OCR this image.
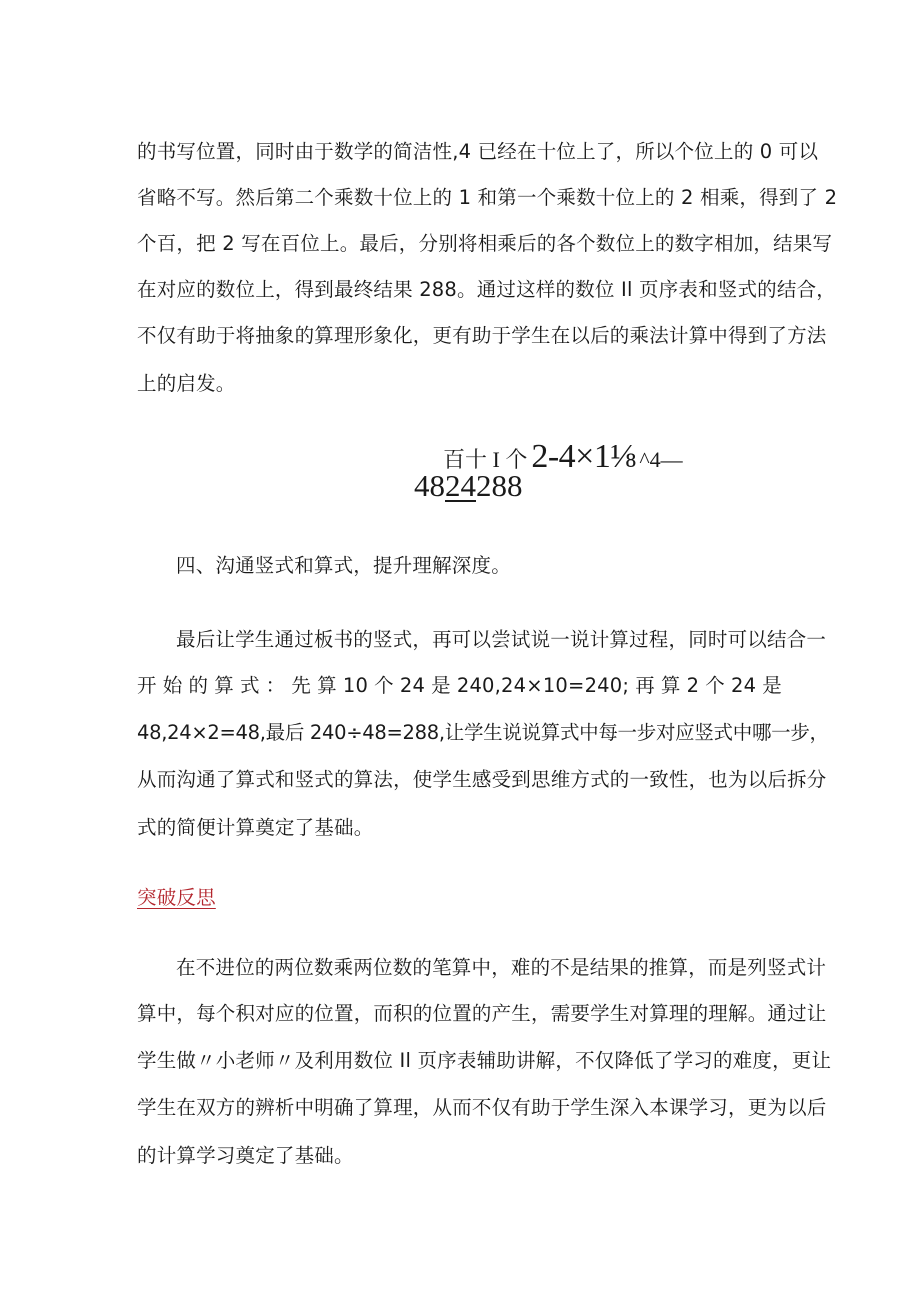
的书写位置，同时由于数学的简洁性,4 已经在十位上了，所以个位上的 0 可以
省略不写。然后第二个乘数十位上的 1 和第一个乘数十位上的 2 相乘，得到了 2
个百，把 2 写在百位上。最后，分别将相乘后的各个数位上的数字相加，结果写
在对应的数位上，得到最终结果 288。通过这样的数位 Il 页序表和竖式的结合，
不仅有助于将抽象的算理形象化，更有助于学生在以后的乘法计算中得到了方法
上的启发。
百十 I 个 2-4×1⅛ ^4—
4824288
四、沟通竖式和算式，提升理解深度。
最后让学生通过板书的竖式，再可以尝试说一说计算过程，同时可以结合一
开 始 的 算 式 ： 先 算 10 个 24 是 240,24×10=240; 再 算 2 个 24 是
48,24×2=48,最后 240÷48=288,让学生说说算式中每一步对应竖式中哪一步，
从而沟通了算式和竖式的算法，使学生感受到思维方式的一致性，也为以后拆分
式的简便计算奠定了基础。
突破反思
在不进位的两位数乘两位数的笔算中，难的不是结果的推算，而是列竖式计
算中，每个积对应的位置，而积的位置的产生，需要学生对算理的理解。通过让
学生做〃小老师〃及利用数位 Il 页序表辅助讲解，不仅降低了学习的难度，更让
学生在双方的辨析中明确了算理，从而不仅有助于学生深入本课学习，更为以后
的计算学习奠定了基础。
